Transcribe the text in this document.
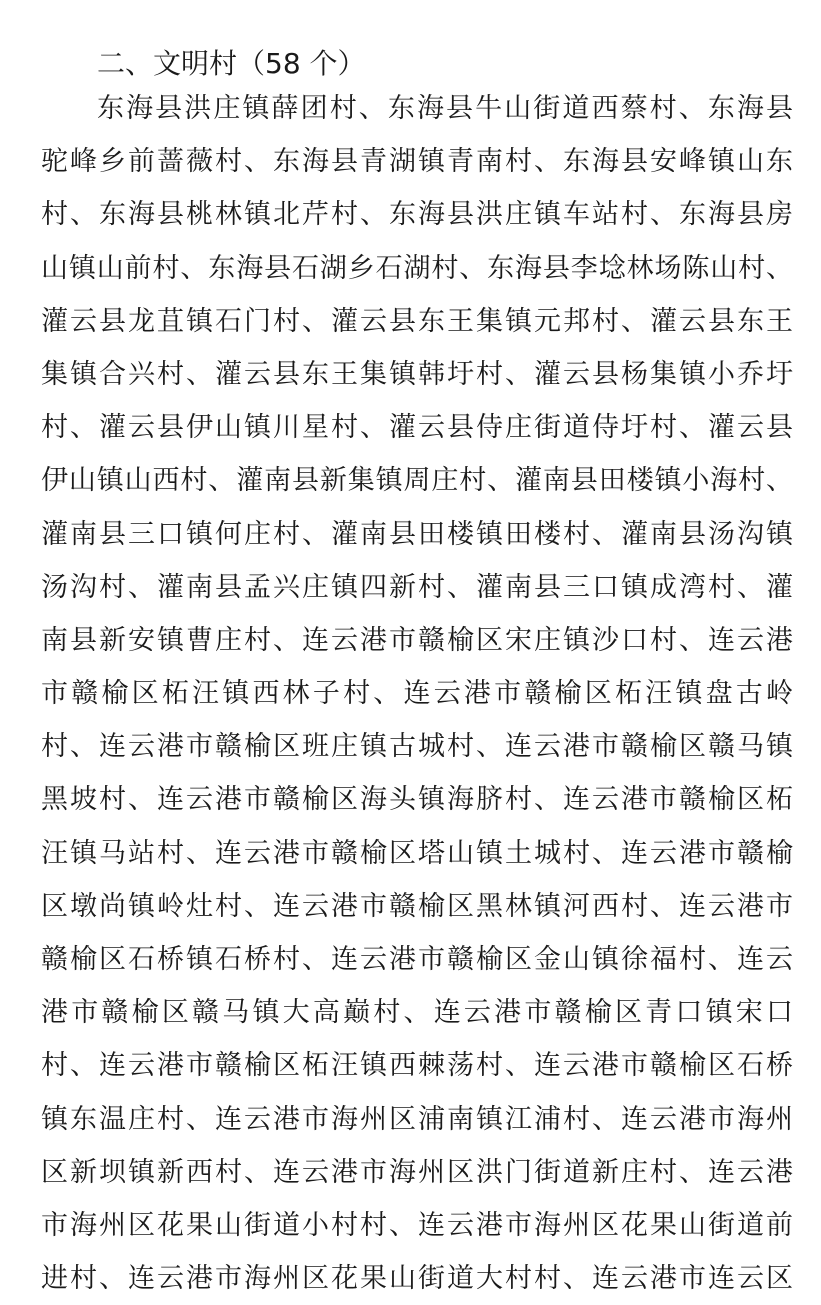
二、文明村（58 个）
东海县洪庄镇薛团村、东海县牛山街道西蔡村、东海县
驼峰乡前蔷薇村、东海县青湖镇青南村、东海县安峰镇山东
村、东海县桃林镇北芹村、东海县洪庄镇车站村、东海县房
山镇山前村、东海县石湖乡石湖村、东海县李埝林场陈山村、
灌云县龙苴镇石门村、灌云县东王集镇元邦村、灌云县东王
集镇合兴村、灌云县东王集镇韩圩村、灌云县杨集镇小乔圩
村、灌云县伊山镇川星村、灌云县侍庄街道侍圩村、灌云县
伊山镇山西村、灌南县新集镇周庄村、灌南县田楼镇小海村、
灌南县三口镇何庄村、灌南县田楼镇田楼村、灌南县汤沟镇
汤沟村、灌南县孟兴庄镇四新村、灌南县三口镇成湾村、灌
南县新安镇曹庄村、连云港市赣榆区宋庄镇沙口村、连云港
市赣榆区柘汪镇西林子村、连云港市赣榆区柘汪镇盘古岭
村、连云港市赣榆区班庄镇古城村、连云港市赣榆区赣马镇
黑坡村、连云港市赣榆区海头镇海脐村、连云港市赣榆区柘
汪镇马站村、连云港市赣榆区塔山镇土城村、连云港市赣榆
区墩尚镇岭灶村、连云港市赣榆区黑林镇河西村、连云港市
赣榆区石桥镇石桥村、连云港市赣榆区金山镇徐福村、连云
港市赣榆区赣马镇大高巅村、连云港市赣榆区青口镇宋口
村、连云港市赣榆区柘汪镇西棘荡村、连云港市赣榆区石桥
镇东温庄村、连云港市海州区浦南镇江浦村、连云港市海州
区新坝镇新西村、连云港市海州区洪门街道新庄村、连云港
市海州区花果山街道小村村、连云港市海州区花果山街道前
进村、连云港市海州区花果山街道大村村、连云港市连云区
